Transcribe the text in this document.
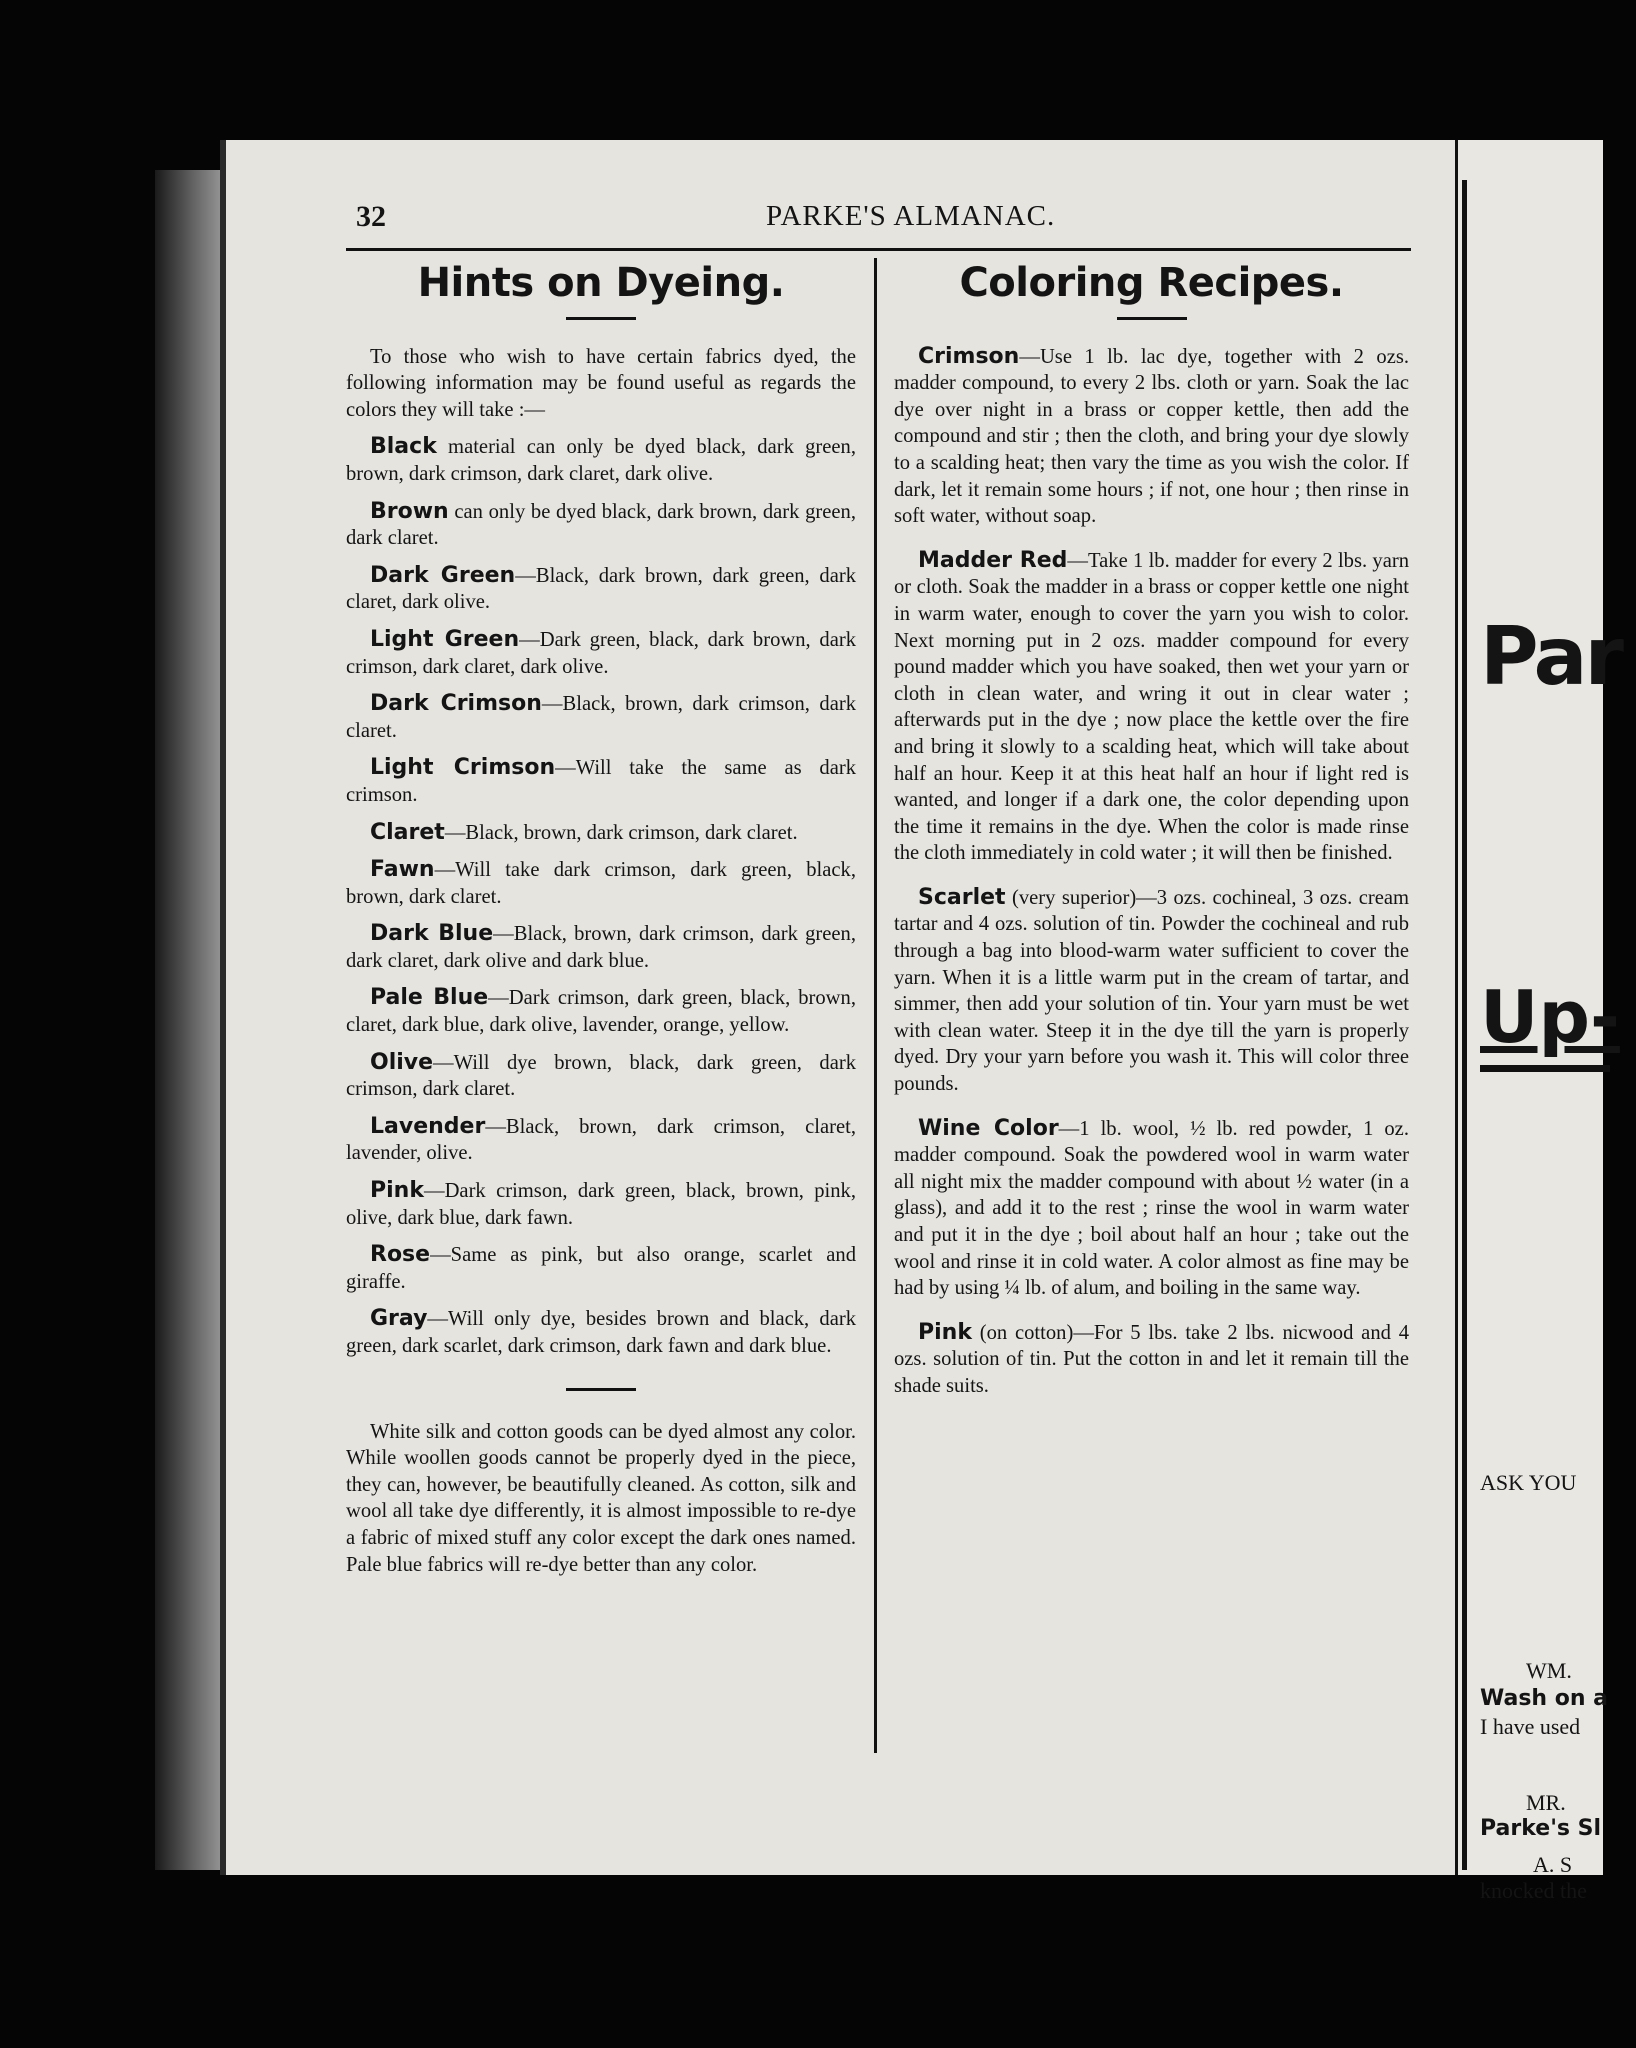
32	PARKE'S ALMANAC.
Hints on Dyeing.

To those who wish to have certain fabrics dyed, the following information may be found useful as regards the colors they will take :—

Black material can only be dyed black, dark green, brown, dark crimson, dark claret, dark olive.

Brown can only be dyed black, dark brown, dark green, dark claret.

Dark Green—Black, dark brown, dark green, dark claret, dark olive.

Light Green—Dark green, black, dark brown, dark crimson, dark claret, dark olive.

Dark Crimson—Black, brown, dark crimson, dark claret.

Light Crimson—Will take the same as dark crimson.

Claret—Black, brown, dark crimson, dark claret.

Fawn—Will take dark crimson, dark green, black, brown, dark claret.

Dark Blue—Black, brown, dark crimson, dark green, dark claret, dark olive and dark blue.

Pale Blue—Dark crimson, dark green, black, brown, claret, dark blue, dark olive, lavender, orange, yellow.

Olive—Will dye brown, black, dark green, dark crimson, dark claret.

Lavender—Black, brown, dark crimson, claret, lavender, olive.

Pink—Dark crimson, dark green, black, brown, pink, olive, dark blue, dark fawn.

Rose—Same as pink, but also orange, scarlet and giraffe.

Gray—Will only dye, besides brown and black, dark green, dark scarlet, dark crimson, dark fawn and dark blue.

White silk and cotton goods can be dyed almost any color. While woollen goods cannot be properly dyed in the piece, they can, however, be beautifully cleaned. As cotton, silk and wool all take dye differently, it is almost impossible to re-dye a fabric of mixed stuff any color except the dark ones named. Pale blue fabrics will re-dye better than any color.

Coloring Recipes.

Crimson—Use 1 lb. lac dye, together with 2 ozs. madder compound, to every 2 lbs. cloth or yarn. Soak the lac dye over night in a brass or copper kettle, then add the compound and stir ; then the cloth, and bring your dye slowly to a scalding heat; then vary the time as you wish the color. If dark, let it remain some hours ; if not, one hour ; then rinse in soft water, without soap.

Madder Red—Take 1 lb. madder for every 2 lbs. yarn or cloth. Soak the madder in a brass or copper kettle one night in warm water, enough to cover the yarn you wish to color. Next morning put in 2 ozs. madder compound for every pound madder which you have soaked, then wet your yarn or cloth in clean water, and wring it out in clear water ; afterwards put in the dye ; now place the kettle over the fire and bring it slowly to a scalding heat, which will take about half an hour. Keep it at this heat half an hour if light red is wanted, and longer if a dark one, the color depending upon the time it remains in the dye. When the color is made rinse the cloth immediately in cold water ; it will then be finished.

Scarlet (very superior)—3 ozs. cochineal, 3 ozs. cream tartar and 4 ozs. solution of tin. Powder the cochineal and rub through a bag into blood-warm water sufficient to cover the yarn. When it is a little warm put in the cream of tartar, and simmer, then add your solution of tin. Your yarn must be wet with clean water. Steep it in the dye till the yarn is properly dyed. Dry your yarn before you wash it. This will color three pounds.

Wine Color—1 lb. wool, ½ lb. red powder, 1 oz. madder compound. Soak the powdered wool in warm water all night mix the madder compound with about ½ water (in a glass), and add it to the rest ; rinse the wool in warm water and put it in the dye ; boil about half an hour ; take out the wool and rinse it in cold water. A color almost as fine may be had by using ¼ lb. of alum, and boiling in the same way.

Pink (on cotton)—For 5 lbs. take 2 lbs. nicwood and 4 ozs. solution of tin. Put the cotton in and let it remain till the shade suits.

Par
Up-
ASK YOU
WM.
Wash on a
I have used
MR.
Parke's Sl
A. S
knocked the
